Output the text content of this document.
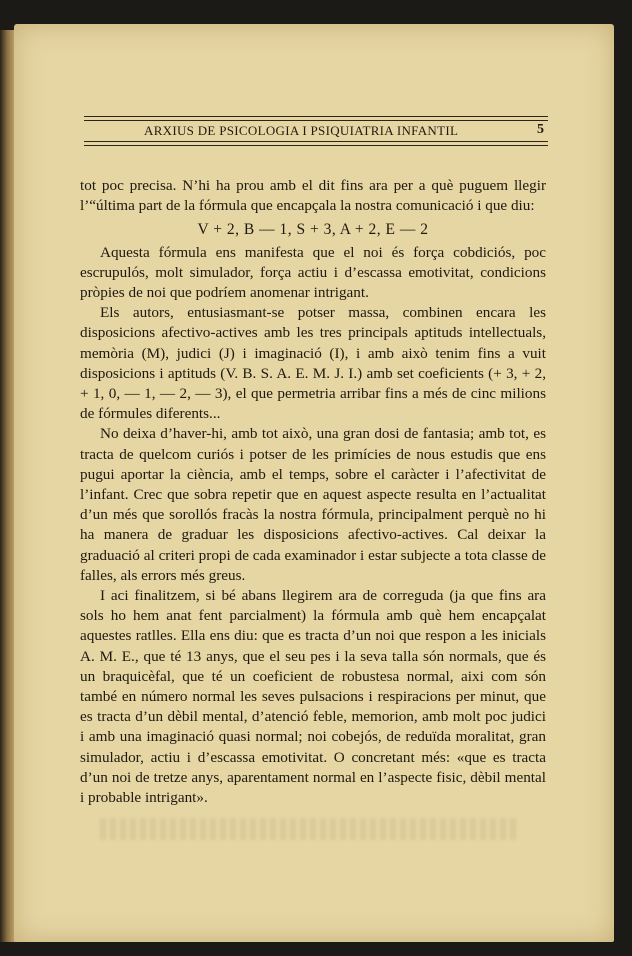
ARXIUS DE PSICOLOGIA I PSIQUIATRIA INFANTIL	5

tot poc precisa. N’hi ha prou amb el dit fins ara per a què puguem llegir l’“última part de la fórmula que encapçala la nostra comunicació i que diu:

V + 2, B — 1, S + 3, A + 2, E — 2

Aquesta fórmula ens manifesta que el noi és força cobdiciós, poc escrupulós, molt simulador, força actiu i d’escassa emotivitat, condicions pròpies de noi que podríem anomenar intrigant.

Els autors, entusiasmant-se potser massa, combinen encara les disposicions afectivo-actives amb les tres principals aptituds intellectuals, memòria (M), judici (J) i imaginació (I), i amb això tenim fins a vuit disposicions i aptituds (V. B. S. A. E. M. J. I.) amb set coeficients (+ 3, + 2, + 1, 0, — 1, — 2, — 3), el que permetria arribar fins a més de cinc milions de fórmules diferents...

No deixa d’haver-hi, amb tot això, una gran dosi de fantasia; amb tot, es tracta de quelcom curiós i potser de les primícies de nous estudis que ens pugui aportar la ciència, amb el temps, sobre el caràcter i l’afectivitat de l’infant. Crec que sobra repetir que en aquest aspecte resulta en l’actualitat d’un més que sorollós fracàs la nostra fórmula, principalment perquè no hi ha manera de graduar les disposicions afectivo-actives. Cal deixar la graduació al criteri propi de cada examinador i estar subjecte a tota classe de falles, als errors més greus.

I aci finalitzem, si bé abans llegirem ara de correguda (ja que fins ara sols ho hem anat fent parcialment) la fórmula amb què hem encapçalat aquestes ratlles. Ella ens diu: que es tracta d’un noi que respon a les inicials A. M. E., que té 13 anys, que el seu pes i la seva talla són normals, que és un braquicèfal, que té un coeficient de robustesa normal, aixi com són també en número normal les seves pulsacions i respiracions per minut, que es tracta d’un dèbil mental, d’atenció feble, memorion, amb molt poc judici i amb una imaginació quasi normal; noi cobejós, de reduïda moralitat, gran simulador, actiu i d’escassa emotivitat. O concretant més: «que es tracta d’un noi de tretze anys, aparentament normal en l’aspecte fisic, dèbil mental i probable intrigant».
